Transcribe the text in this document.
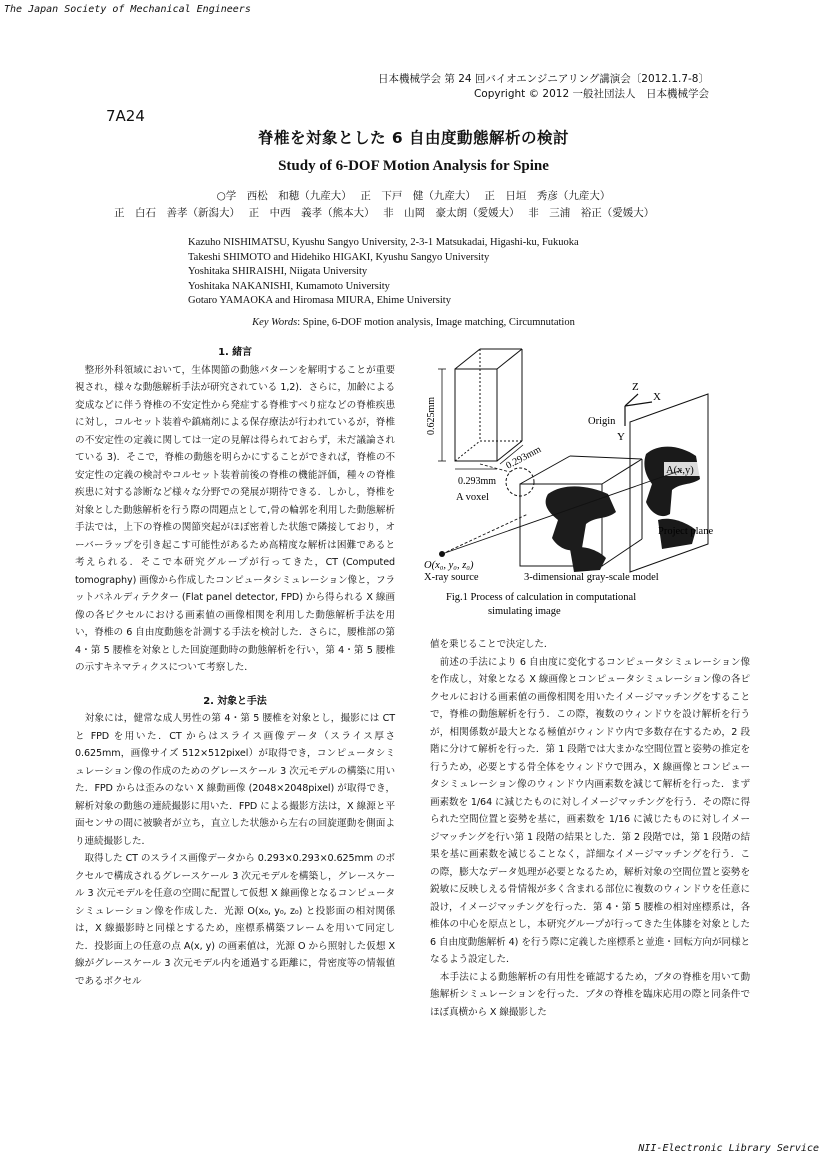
The Japan Society of Mechanical Engineers
NII-Electronic Library Service
日本機械学会 第 24 回バイオエンジニアリング講演会〔2012.1.7-8〕
Copyright © 2012 一般社団法人　日本機械学会
7A24
脊椎を対象とした 6 自由度動態解析の検討
Study of 6-DOF Motion Analysis for Spine
○学　西松　和穂（九産大）　 正　下戸　健（九産大）　 正　日垣　秀彦（九産大）
正　白石　善孝（新潟大）　 正　中西　義孝（熊本大）　 非　山岡　豪太朗（愛媛大）　 非　三浦　裕正（愛媛大）
Kazuho NISHIMATSU, Kyushu Sangyo University, 2-3-1 Matsukadai, Higashi-ku, Fukuoka
Takeshi SHIMOTO and Hidehiko HIGAKI, Kyushu Sangyo University
Yoshitaka SHIRAISHI, Niigata University
Yoshitaka NAKANISHI, Kumamoto University
Gotaro YAMAOKA and Hiromasa MIURA, Ehime University
Key Words: Spine, 6-DOF motion analysis, Image matching, Circumnutation

1. 緒言

　整形外科領域において，生体関節の動態パターンを解明することが重要視され，様々な動態解析手法が研究されている 1,2)．さらに，加齢による変成などに伴う脊椎の不安定性から発症する脊椎すべり症などの脊椎疾患に対し，コルセット装着や鎮痛剤による保存療法が行われているが，脊椎の不安定性の定義に関しては一定の見解は得られておらず，未だ議論されている 3)．そこで，脊椎の動態を明らかにすることができれば，脊椎の不安定性の定義の検討やコルセット装着前後の脊椎の機能評価，種々の脊椎疾患に対する診断など様々な分野での発展が期待できる．しかし，脊椎を対象とした動態解析を行う際の問題点として,骨の輪郭を利用した動態解析手法では，上下の脊椎の関節突起がほぼ密着した状態で隣接しており，オーバーラップを引き起こす可能性があるため高精度な解析は困難であると考えられる．そこで本研究グループが行ってきた，CT (Computed tomography) 画像から作成したコンピュータシミュレーション像と，フラットパネルディテクター (Flat panel detector, FPD) から得られる X 線画像の各ピクセルにおける画素値の画像相関を利用した動態解析手法を用い，脊椎の 6 自由度動態を計測する手法を検討した．さらに，腰椎部の第 4・第 5 腰椎を対象とした回旋運動時の動態解析を行い，第 4・第 5 腰椎の示すキネマティクスについて考察した．

2. 対象と手法

　対象には，健常な成人男性の第 4・第 5 腰椎を対象とし，撮影には CT と FPD を用いた．CT からはスライス画像データ（スライス厚さ 0.625mm，画像サイズ 512×512pixel）が取得でき，コンピュータシミュレーション像の作成のためのグレースケール 3 次元モデルの構築に用いた．FPD からは歪みのない X 線動画像 (2048×2048pixel) が取得でき，解析対象の動態の連続撮影に用いた．FPD による撮影方法は，X 線源と平面センサの間に被験者が立ち，直立した状態から左右の回旋運動を側面より連続撮影した．

　取得した CT のスライス画像データから 0.293×0.293×0.625mm のボクセルで構成されるグレースケール 3 次元モデルを構築し，グレースケール 3 次元モデルを任意の空間に配置して仮想 X 線画像となるコンピュータシミュレーション像を作成した．光源 O(x₀, y₀, z₀) と投影面の相対関係は，X 線撮影時と同様とするため，座標系構築フレームを用いて同定した．投影面上の任意の点 A(x, y) の画素値は，光源 O から照射した仮想 X 線がグレースケール 3 次元モデル内を通過する距離に，骨密度等の情報値であるボクセル

0.625mm
0.293mm
0.293mm
A voxel
Z
X
Y
Origin
A(x,y)
Project plane
O(x₀, y₀, z₀)
X-ray source	3-dimensional gray-scale model
Fig.1 Process of calculation in computational
simulating image

値を乗じることで決定した．

　前述の手法により 6 自由度に変化するコンピュータシミュレーション像を作成し，対象となる X 線画像とコンピュータシミュレーション像の各ピクセルにおける画素値の画像相関を用いたイメージマッチングをすることで，脊椎の動態解析を行う．この際，複数のウィンドウを設け解析を行うが，相関係数が最大となる極値がウィンドウ内で多数存在するため，2 段階に分けて解析を行った．第 1 段階では大まかな空間位置と姿勢の推定を行うため，必要とする骨全体をウィンドウで囲み，X 線画像とコンピュータシミュレーション像のウィンドウ内画素数を減じて解析を行った．まず画素数を 1/64 に減じたものに対しイメージマッチングを行う．その際に得られた空間位置と姿勢を基に，画素数を 1/16 に減じたものに対しイメージマッチングを行い第 1 段階の結果とした．第 2 段階では，第 1 段階の結果を基に画素数を減じることなく，詳細なイメージマッチングを行う．この際，膨大なデータ処理が必要となるため，解析対象の空間位置と姿勢を鋭敏に反映しえる骨情報が多く含まれる部位に複数のウィンドウを任意に設け，イメージマッチングを行った．第 4・第 5 腰椎の相対座標系は，各椎体の中心を原点とし，本研究グループが行ってきた生体膝を対象とした 6 自由度動態解析 4) を行う際に定義した座標系と並進・回転方向が同様となるよう設定した．

　本手法による動態解析の有用性を確認するため，ブタの脊椎を用いて動態解析シミュレーションを行った．ブタの脊椎を臨床応用の際と同条件でほぼ真横から X 線撮影した
